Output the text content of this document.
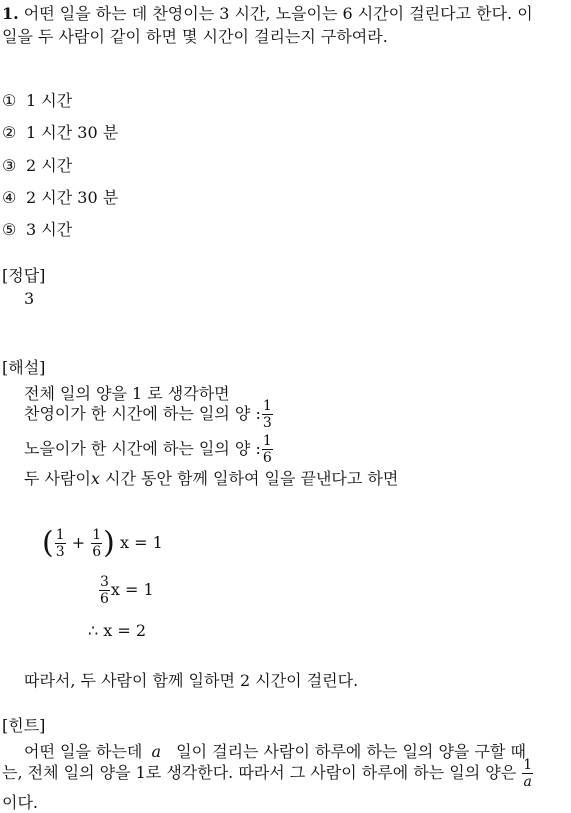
1. 어떤 일을 하는 데 찬영이는 3 시간, 노을이는 6 시간이 걸린다고 한다. 이
일을 두 사람이 같이 하면 몇 시간이 걸리는지 구하여라.
① 1 시간
② 1 시간 30 분
③ 2 시간
④ 2 시간 30 분
⑤ 3 시간
[정답]
3
[해설]
전체 일의 양을 1 로 생각하면
찬영이가 한 시간에 하는 일의 양 : $\frac{1}{3}$
노을이가 한 시간에 하는 일의 양 : $\frac{1}{6}$
두 사람이x 시간 동안 함께 일하여 일을 끝낸다고 하면
( $\frac{1}{3} + \frac{1}{6}$ ) x = 1
$\frac{3}{6}$ x = 1
∴ x = 2
따라서, 두 사람이 함께 일하면 2 시간이 걸린다.
[힌트]
어떤 일을 하는데 a 일이 걸리는 사람이 하루에 하는 일의 양을 구할 때
는, 전체 일의 양을 1로 생각한다. 따라서 그 사람이 하루에 하는 일의 양은 $\frac{1}{a}$
이다.
